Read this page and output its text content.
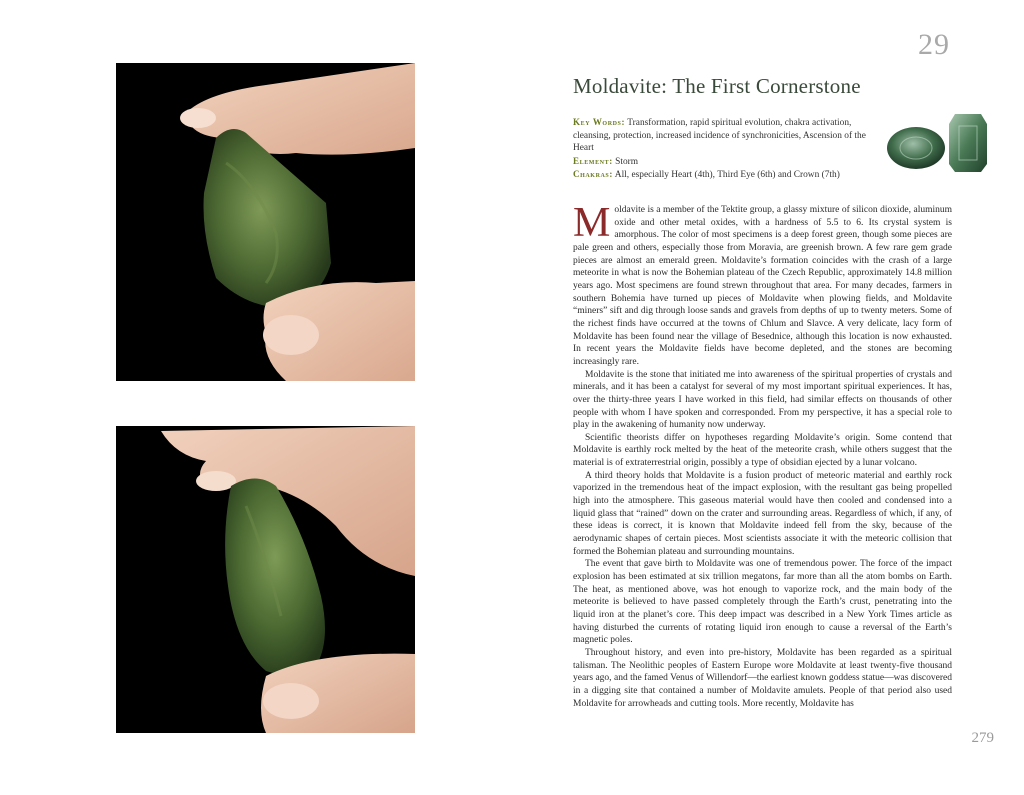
29
Moldavite: The First Cornerstone

Key Words: Transformation, rapid spiritual evolution, chakra activation, cleansing, protection, increased incidence of synchronicities, Ascension of the Heart

Element: Storm

Chakras: All, especially Heart (4th), Third Eye (6th) and Crown (7th)

Moldavite is a member of the Tektite group, a glassy mixture of silicon dioxide, aluminum oxide and other metal oxides, with a hardness of 5.5 to 6. Its crystal system is amorphous. The color of most specimens is a deep forest green, though some pieces are pale green and others, especially those from Moravia, are greenish brown. A few rare gem grade pieces are almost an emerald green. Moldavite’s formation coincides with the crash of a large meteorite in what is now the Bohemian plateau of the Czech Republic, approximately 14.8 million years ago. Most specimens are found strewn throughout that area. For many decades, farmers in southern Bohemia have turned up pieces of Moldavite when plowing fields, and Moldavite “miners” sift and dig through loose sands and gravels from depths of up to twenty meters. Some of the richest finds have occurred at the towns of Chlum and Slavce. A very delicate, lacy form of Moldavite has been found near the village of Besednice, although this location is now exhausted. In recent years the Moldavite fields have become depleted, and the stones are becoming increasingly rare.

Moldavite is the stone that initiated me into awareness of the spiritual properties of crystals and minerals, and it has been a catalyst for several of my most important spiritual experiences. It has, over the thirty-three years I have worked in this field, had similar effects on thousands of other people with whom I have spoken and corresponded. From my perspective, it has a special role to play in the awakening of humanity now underway.

Scientific theorists differ on hypotheses regarding Moldavite’s origin. Some contend that Moldavite is earthly rock melted by the heat of the meteorite crash, while others suggest that the material is of extraterrestrial origin, possibly a type of obsidian ejected by a lunar volcano.

A third theory holds that Moldavite is a fusion product of meteoric material and earthly rock vaporized in the tremendous heat of the impact explosion, with the resultant gas being propelled high into the atmosphere. This gaseous material would have then cooled and condensed into a liquid glass that “rained” down on the crater and surrounding areas. Regardless of which, if any, of these ideas is correct, it is known that Moldavite indeed fell from the sky, because of the aerodynamic shapes of certain pieces. Most scientists associate it with the meteoric collision that formed the Bohemian plateau and surrounding mountains.

The event that gave birth to Moldavite was one of tremendous power. The force of the impact explosion has been estimated at six trillion megatons, far more than all the atom bombs on Earth. The heat, as mentioned above, was hot enough to vaporize rock, and the main body of the meteorite is believed to have passed completely through the Earth’s crust, penetrating into the liquid iron at the planet’s core. This deep impact was described in a New York Times article as having disturbed the currents of rotating liquid iron enough to cause a reversal of the Earth’s magnetic poles.

Throughout history, and even into pre-history, Moldavite has been regarded as a spiritual talisman. The Neolithic peoples of Eastern Europe wore Moldavite at least twenty-five thousand years ago, and the famed Venus of Willendorf—the earliest known goddess statue—was discovered in a digging site that contained a number of Moldavite amulets. People of that period also used Moldavite for arrowheads and cutting tools. More recently, Moldavite has

279
